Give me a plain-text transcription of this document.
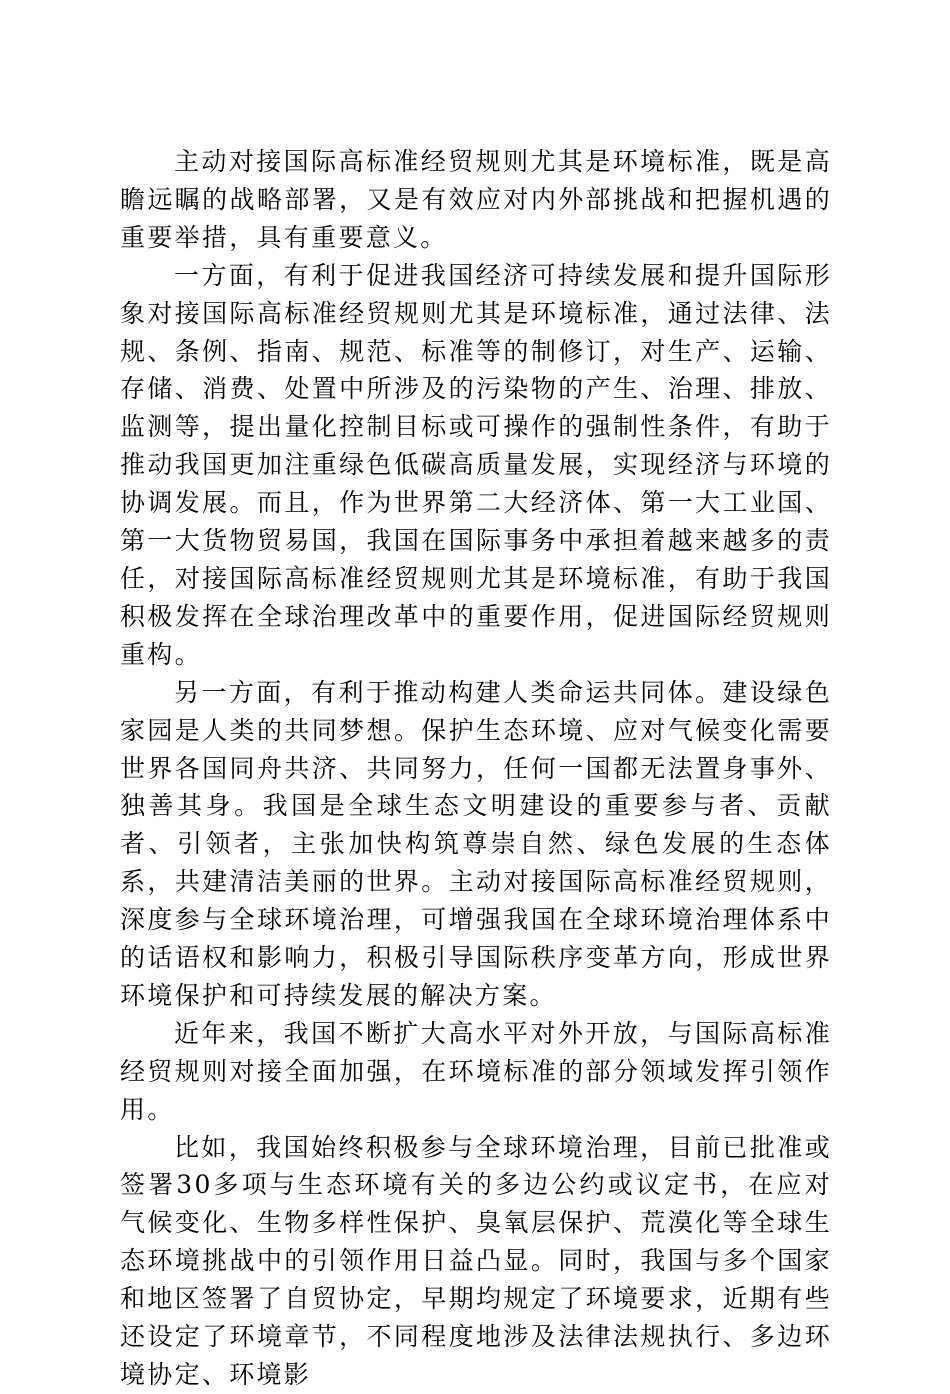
主动对接国际高标准经贸规则尤其是环境标准，既是高瞻远瞩的战略部署，又是有效应对内外部挑战和把握机遇的重要举措，具有重要意义。

一方面，有利于促进我国经济可持续发展和提升国际形象对接国际高标准经贸规则尤其是环境标准，通过法律、法规、条例、指南、规范、标准等的制修订，对生产、运输、存储、消费、处置中所涉及的污染物的产生、治理、排放、监测等，提出量化控制目标或可操作的强制性条件，有助于推动我国更加注重绿色低碳高质量发展，实现经济与环境的协调发展。而且，作为世界第二大经济体、第一大工业国、第一大货物贸易国，我国在国际事务中承担着越来越多的责任，对接国际高标准经贸规则尤其是环境标准，有助于我国积极发挥在全球治理改革中的重要作用，促进国际经贸规则重构。

另一方面，有利于推动构建人类命运共同体。建设绿色家园是人类的共同梦想。保护生态环境、应对气候变化需要世界各国同舟共济、共同努力，任何一国都无法置身事外、独善其身。我国是全球生态文明建设的重要参与者、贡献者、引领者，主张加快构筑尊崇自然、绿色发展的生态体系，共建清洁美丽的世界。主动对接国际高标准经贸规则，深度参与全球环境治理，可增强我国在全球环境治理体系中的话语权和影响力，积极引导国际秩序变革方向，形成世界环境保护和可持续发展的解决方案。

近年来，我国不断扩大高水平对外开放，与国际高标准经贸规则对接全面加强，在环境标准的部分领域发挥引领作用。

比如，我国始终积极参与全球环境治理，目前已批准或签署30多项与生态环境有关的多边公约或议定书，在应对气候变化、生物多样性保护、臭氧层保护、荒漠化等全球生态环境挑战中的引领作用日益凸显。同时，我国与多个国家和地区签署了自贸协定，早期均规定了环境要求，近期有些还设定了环境章节，不同程度地涉及法律法规执行、多边环境协定、环境影
